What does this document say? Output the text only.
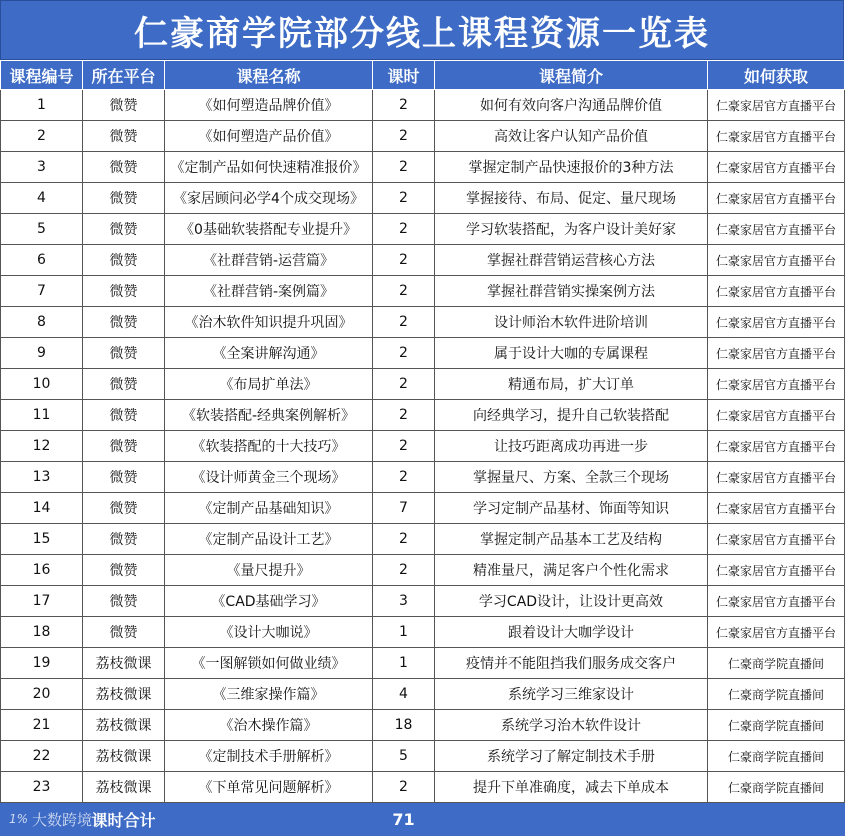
仁豪商学院部分线上课程资源一览表
课程编号	所在平台	课程名称	课时	课程简介	如何获取
1	微赞	《如何塑造品牌价值》	2	如何有效向客户沟通品牌价值	仁豪家居官方直播平台
2	微赞	《如何塑造产品价值》	2	高效让客户认知产品价值	仁豪家居官方直播平台
3	微赞	《定制产品如何快速精准报价》	2	掌握定制产品快速报价的3种方法	仁豪家居官方直播平台
4	微赞	《家居顾问必学4个成交现场》	2	掌握接待、布局、促定、量尺现场	仁豪家居官方直播平台
5	微赞	《0基础软装搭配专业提升》	2	学习软装搭配，为客户设计美好家	仁豪家居官方直播平台
6	微赞	《社群营销-运营篇》	2	掌握社群营销运营核心方法	仁豪家居官方直播平台
7	微赞	《社群营销-案例篇》	2	掌握社群营销实操案例方法	仁豪家居官方直播平台
8	微赞	《治木软件知识提升巩固》	2	设计师治木软件进阶培训	仁豪家居官方直播平台
9	微赞	《全案讲解沟通》	2	属于设计大咖的专属课程	仁豪家居官方直播平台
10	微赞	《布局扩单法》	2	精通布局，扩大订单	仁豪家居官方直播平台
11	微赞	《软装搭配-经典案例解析》	2	向经典学习，提升自己软装搭配	仁豪家居官方直播平台
12	微赞	《软装搭配的十大技巧》	2	让技巧距离成功再进一步	仁豪家居官方直播平台
13	微赞	《设计师黄金三个现场》	2	掌握量尺、方案、全款三个现场	仁豪家居官方直播平台
14	微赞	《定制产品基础知识》	7	学习定制产品基材、饰面等知识	仁豪家居官方直播平台
15	微赞	《定制产品设计工艺》	2	掌握定制产品基本工艺及结构	仁豪家居官方直播平台
16	微赞	《量尺提升》	2	精准量尺，满足客户个性化需求	仁豪家居官方直播平台
17	微赞	《CAD基础学习》	3	学习CAD设计，让设计更高效	仁豪家居官方直播平台
18	微赞	《设计大咖说》	1	跟着设计大咖学设计	仁豪家居官方直播平台
19	荔枝微课	《一图解锁如何做业绩》	1	疫情并不能阻挡我们服务成交客户	仁豪商学院直播间
20	荔枝微课	《三维家操作篇》	4	系统学习三维家设计	仁豪商学院直播间
21	荔枝微课	《治木操作篇》	18	系统学习治木软件设计	仁豪商学院直播间
22	荔枝微课	《定制技术手册解析》	5	系统学习了解定制技术手册	仁豪商学院直播间
23	荔枝微课	《下单常见问题解析》	2	提升下单准确度，减去下单成本	仁豪商学院直播间

1% 大数跨境	课时合计		71		
